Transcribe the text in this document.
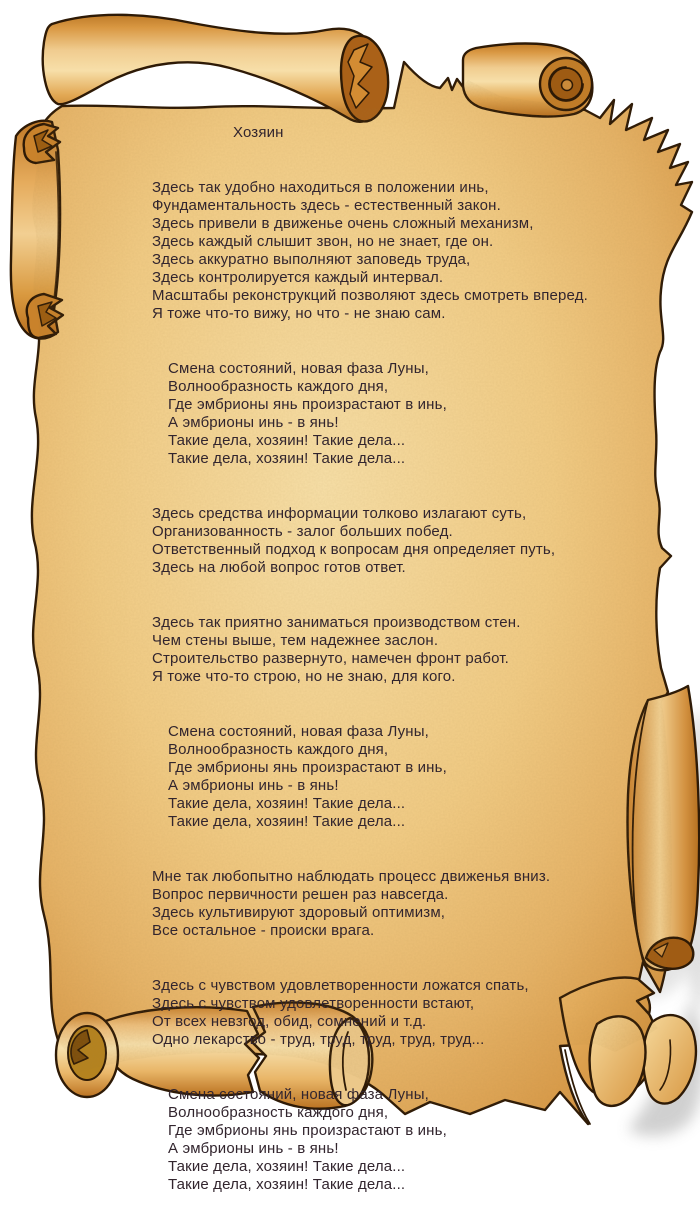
Хозяин

Здесь так удобно находиться в положении инь,
Фундаментальность здесь - естественный закон.
Здесь привели в движенье очень сложный механизм,
Здесь каждый слышит звон, но не знает, где он.
Здесь аккуратно выполняют заповедь труда,
Здесь контролируется каждый интервал.
Масштабы реконструкций позволяют здесь смотреть вперед.
Я тоже что-то вижу, но что - не знаю сам.

Смена состояний, новая фаза Луны,
Волнообразность каждого дня,
Где эмбрионы янь произрастают в инь,
А эмбрионы инь - в янь!
Такие дела, хозяин! Такие дела...
Такие дела, хозяин! Такие дела...

Здесь средства информации толково излагают суть,
Организованность - залог больших побед.
Ответственный подход к вопросам дня определяет путь,
Здесь на любой вопрос готов ответ.

Здесь так приятно заниматься производством стен.
Чем стены выше, тем надежнее заслон.
Строительство развернуто, намечен фронт работ.
Я тоже что-то строю, но не знаю, для кого.

Смена состояний, новая фаза Луны,
Волнообразность каждого дня,
Где эмбрионы янь произрастают в инь,
А эмбрионы инь - в янь!
Такие дела, хозяин! Такие дела...
Такие дела, хозяин! Такие дела...

Мне так любопытно наблюдать процесс движенья вниз.
Вопрос первичности решен раз навсегда.
Здесь культивируют здоровый оптимизм,
Все остальное - происки врага.

Здесь с чувством удовлетворенности ложатся спать,
Здесь с чувством удовлетворенности встают,
От всех невзгод, обид, сомнений и т.д.
Одно лекарство - труд, труд, труд, труд, труд...

Смена состояний, новая фаза Луны,
Волнообразность каждого дня,
Где эмбрионы янь произрастают в инь,
А эмбрионы инь - в янь!
Такие дела, хозяин! Такие дела...
Такие дела, хозяин! Такие дела...
